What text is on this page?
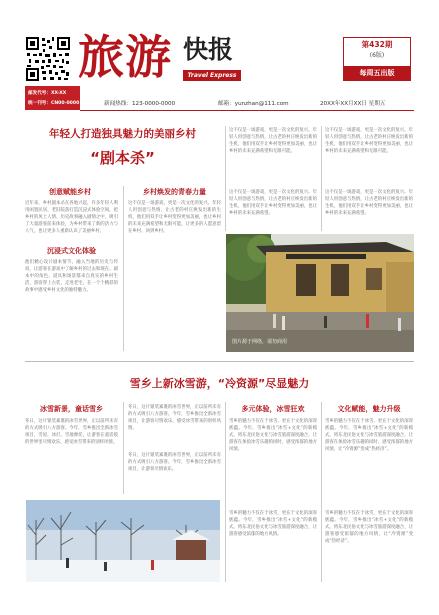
旅游 快报
Travel Express
第432期
(6版)
每周五出版
邮发代号：XX-XX
统一刊号：CN00-0000	新闻热线：123-0000-0000	邮箱：yunzhan@111.com	20XX年XX月XX日 星期五
年轻人打造独具魅力的美丽乡村
“剧本杀”
创意赋能乡村
近年来，乡村剧本杀在各地兴起，许多年轻人利用闲置民居、老旧院落打造沉浸式体验空间，把乡村的风土人情、历史故事融入剧情之中，吸引了大量游客前来体验，为乡村带来了新的活力与人气，也让更多人重新认识了美丽乡村。
沉浸式文化体验
他们精心设计剧本情节，融入当地的历史与传说，让游客在游戏中了解乡村的过去和现在。剧本中的角色、道具和场景都来自真实的乡村生活，游客穿上古装，走进老宅，在一个个精彩的故事中感受乡村文化的独特魅力。
乡村焕发的青春力量
这不仅是一场游戏，更是一次文化的复兴。年轻人用创意与热情，让古老的村庄焕发出新的生机，他们用双手让乡村变得更加美丽，也让乡村的未来充满希望和无限可能，让更多的人愿意留在乡村、回到乡村。
这不仅是一场游戏，更是一次文化的复兴。年轻人用创意与热情，让古老的村庄焕发出新的生机，他们用双手让乡村变得更加美丽，也让乡村的未来充满希望和无限可能。
这不仅是一场游戏，更是一次文化的复兴。年轻人用创意与热情，让古老的村庄焕发出新的生机，他们用双手让乡村变得更加美丽，也让乡村的未来充满希望。
这不仅是一场游戏，更是一次文化的复兴。年轻人用创意与热情，让古老的村庄焕发出新的生机，他们用双手让乡村变得更加美丽，也让乡村的未来充满希望和无限可能。
这不仅是一场游戏，更是一次文化的复兴。年轻人用创意与热情，让古老的村庄焕发出新的生机，他们用双手让乡村变得更加美丽，也让乡村的未来充满希望。
图片源于网络，请勿商用
雪乡上新冰雪游，“冷资源”尽显魅力
冰雪新景，童话雪乡
冬日，这片银装素裹的冰雪世界，正以前所未有的方式吸引八方游客。今年，雪乡推出全新冰雪项目，雪屋、冰灯、雪地摩托，让游客在童话般的世界里尽情欢乐，感受冰雪带来的别样风情。
冬日，这片银装素裹的冰雪世界，正以前所未有的方式吸引八方游客。今年，雪乡推出全新冰雪项目，让游客尽情欢乐，感受冰雪带来的别样风情。
冬日，这片银装素裹的冰雪世界，正以前所未有的方式吸引八方游客。今年，雪乡推出全新冰雪项目，让游客尽情欢乐。
多元体验，冰雪狂欢
雪乡的魅力不仅在于冰雪，更在于文化的深厚底蕴。今年，雪乡推出“冰雪+文化”的新模式，将东北民俗文化与冰雪旅游深度融合，让游客在体验冰雪乐趣的同时，感受浓郁的地方风情。
雪乡的魅力不仅在于冰雪，更在于文化的深厚底蕴。今年，雪乡推出“冰雪+文化”的新模式，将东北民俗文化与冰雪旅游深度融合，让游客感受浓郁的地方风情。
文化赋能，魅力升级
雪乡的魅力不仅在于冰雪，更在于文化的深厚底蕴。今年，雪乡推出“冰雪+文化”的新模式，将东北民俗文化与冰雪旅游深度融合，让游客在体验冰雪乐趣的同时，感受浓郁的地方风情，让“冷资源”变成“热经济”。
雪乡的魅力不仅在于冰雪，更在于文化的深厚底蕴。今年，雪乡推出“冰雪+文化”的新模式，将东北民俗文化与冰雪旅游深度融合，让游客感受浓郁的地方风情，让“冷资源”变成“热经济”。
